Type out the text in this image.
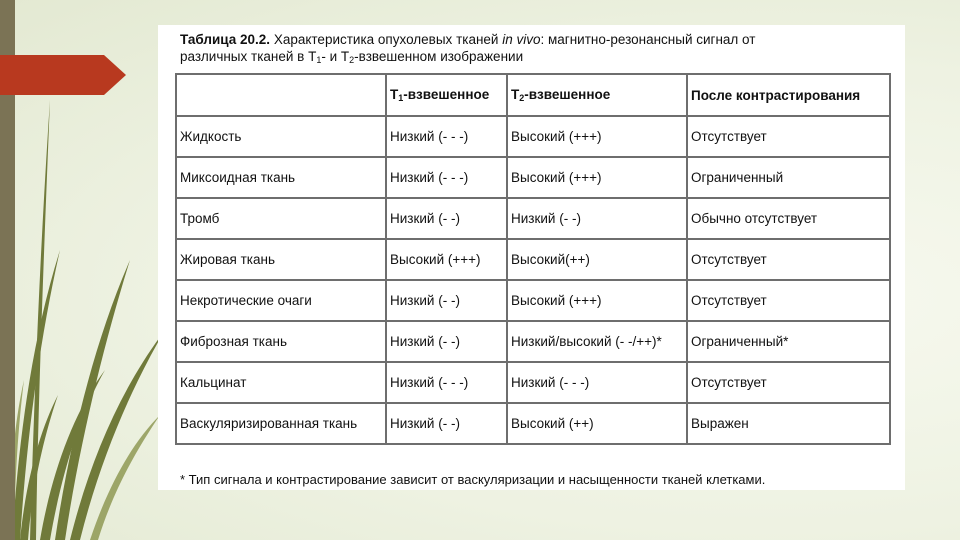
Таблица 20.2. Характеристика опухолевых тканей in vivo: магнитно-резонансный сигнал от
различных тканей в $Т_1-$ и $Т_2$-взвешенном изображении
	$Т_1$-взвешенное	$Т_2$-взвешенное	После контрастирования
Жидкость	Низкий (- - -)	Высокий (+++)	Отсутствует
Миксоидная ткань	Низкий (- - -)	Высокий (+++)	Ограниченный
Тромб	Низкий (- -)	Низкий (- -)	Обычно отсутствует
Жировая ткань	Высокий (+++)	Высокий(++)	Отсутствует
Некротические очаги	Низкий (- -)	Высокий (+++)	Отсутствует
Фиброзная ткань	Низкий (- -)	Низкий/высокий (- -/++)*	Ограниченный*
Кальцинат	Низкий (- - -)	Низкий (- - -)	Отсутствует
Васкуляризированная ткань	Низкий (- -)	Высокий (++)	Выражен
* Тип сигнала и контрастирование зависит от васкуляризации и насыщенности тканей клетками.
